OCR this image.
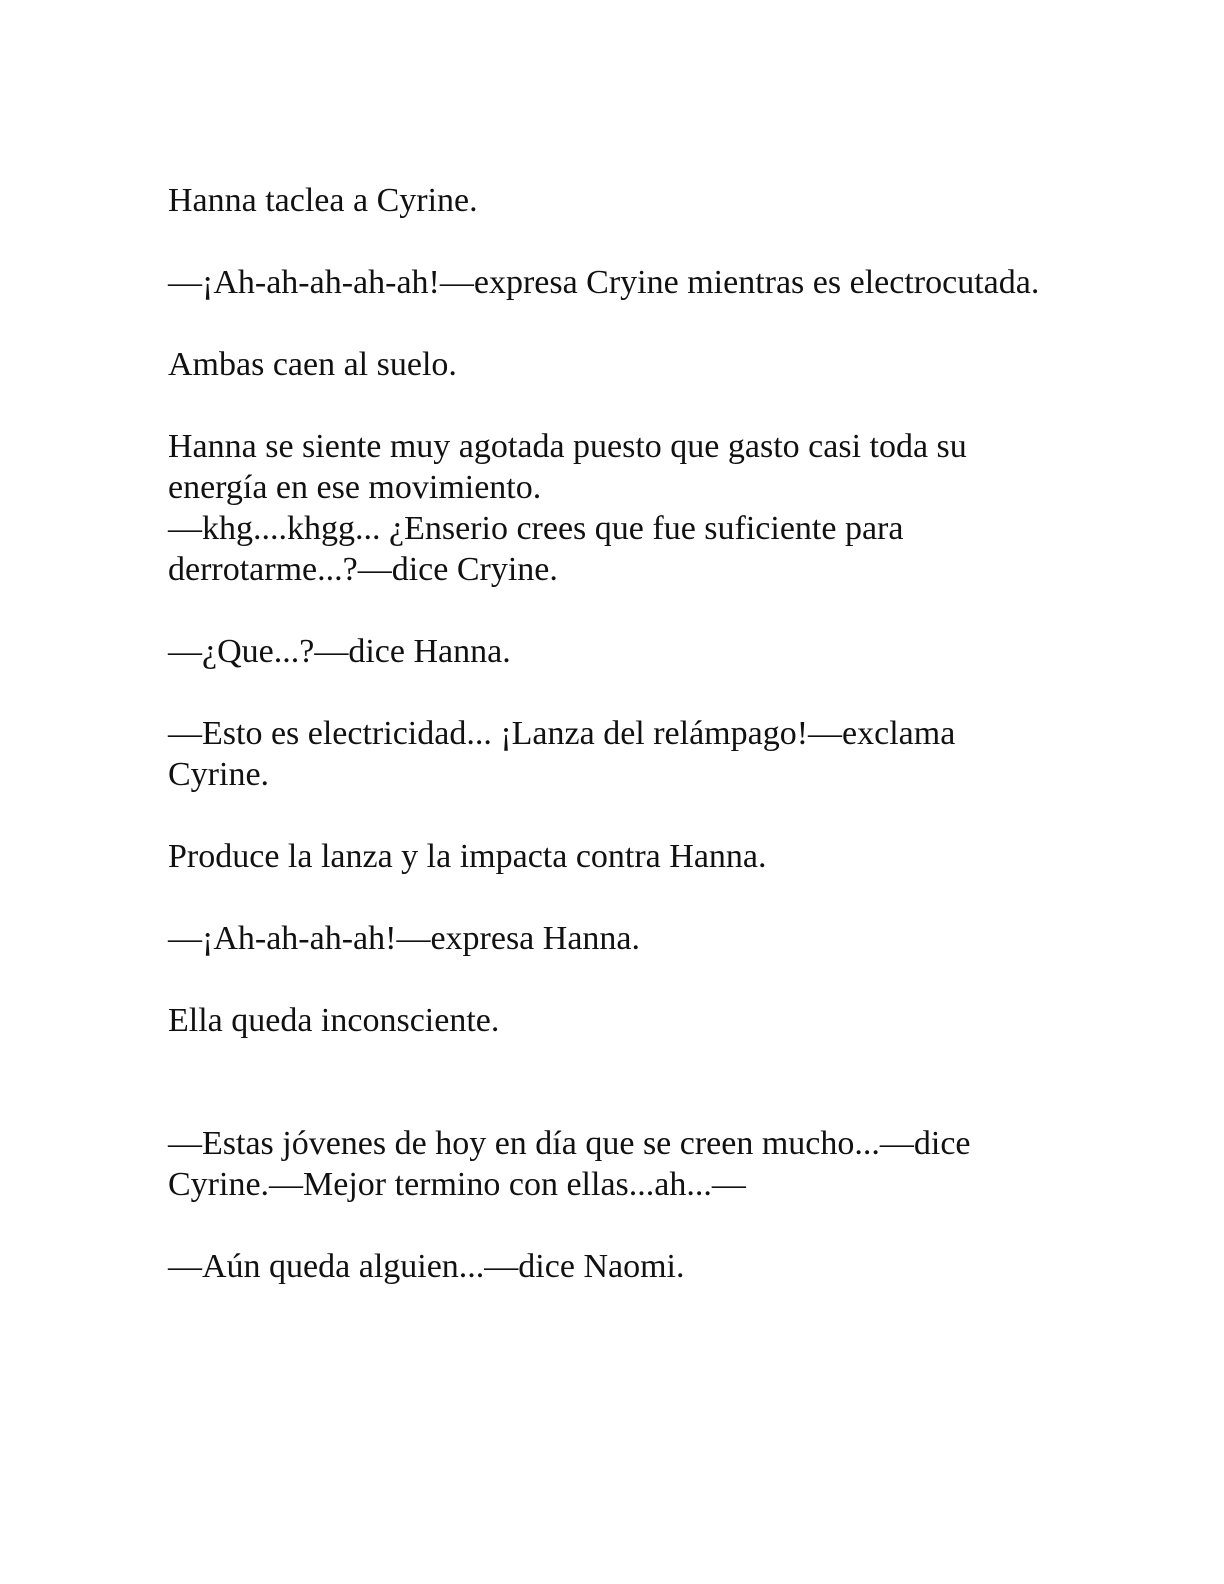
Hanna taclea a Cyrine.

—¡Ah-ah-ah-ah-ah!—expresa Cryine mientras es electrocutada.

Ambas caen al suelo.

Hanna se siente muy agotada puesto que gasto casi toda su energía en ese movimiento.

—khg....khgg... ¿Enserio crees que fue suficiente para derrotarme...?—dice Cryine.

—¿Que...?—dice Hanna.

—Esto es electricidad... ¡Lanza del relámpago!—exclama Cyrine.

Produce la lanza y la impacta contra Hanna.

—¡Ah-ah-ah-ah!—expresa Hanna.

Ella queda inconsciente.

—Estas jóvenes de hoy en día que se creen mucho...—dice Cyrine.—Mejor termino con ellas...ah...—

—Aún queda alguien...—dice Naomi.
